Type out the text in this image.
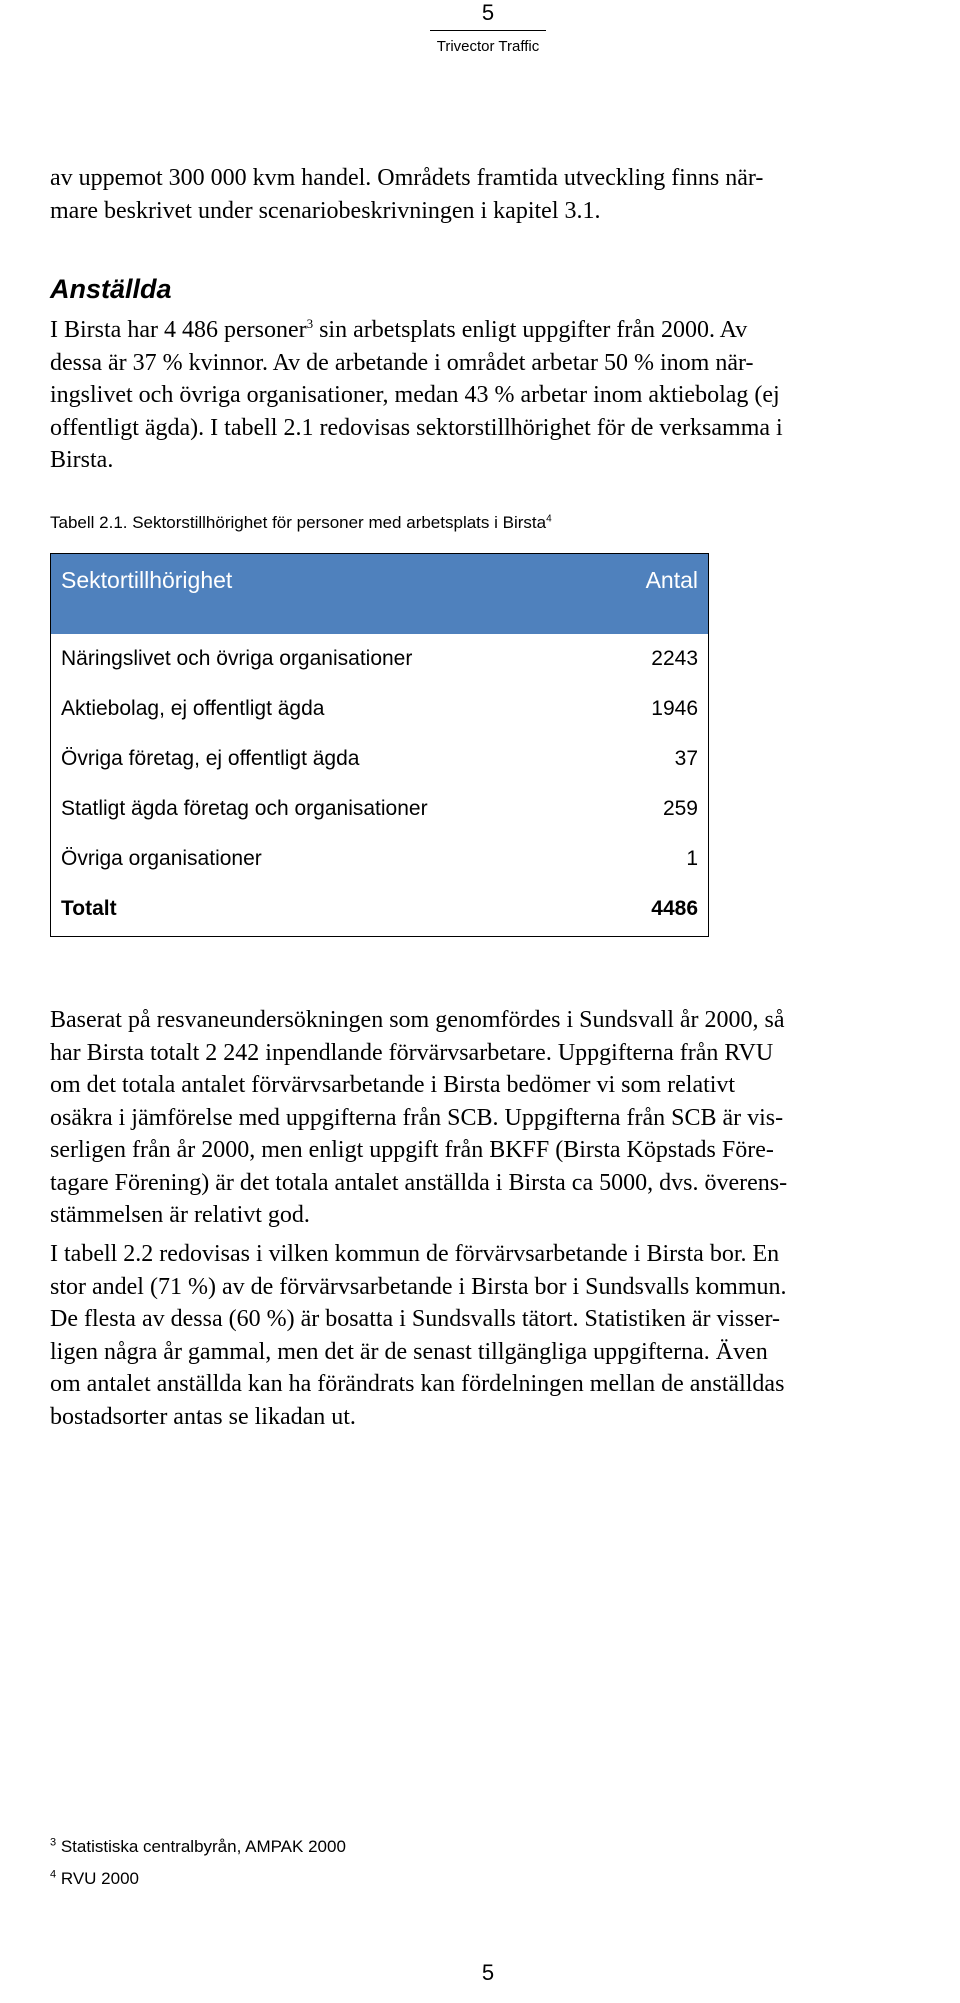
5
Trivector Traffic
av uppemot 300 000 kvm handel. Områdets framtida utveckling finns när-
mare beskrivet under scenariobeskrivningen i kapitel 3.1.
Anställda
I Birsta har 4 486 personer$^3$ sin arbetsplats enligt uppgifter från 2000. Av
dessa är 37 % kvinnor. Av de arbetande i området arbetar 50 % inom när-
ingslivet och övriga organisationer, medan 43 % arbetar inom aktiebolag (ej
offentligt ägda). I tabell 2.1 redovisas sektorstillhörighet för de verksamma i
Birsta.
Tabell 2.1. Sektorstillhörighet för personer med arbetsplats i Birsta$^4$
Sektortillhörighet	Antal
Näringslivet och övriga organisationer	2243
Aktiebolag, ej offentligt ägda	1946
Övriga företag, ej offentligt ägda	37
Statligt ägda företag och organisationer	259
Övriga organisationer	1
Totalt	4486
Baserat på resvaneundersökningen som genomfördes i Sundsvall år 2000, så
har Birsta totalt 2 242 inpendlande förvärvsarbetare. Uppgifterna från RVU
om det totala antalet förvärvsarbetande i Birsta bedömer vi som relativt
osäkra i jämförelse med uppgifterna från SCB. Uppgifterna från SCB är vis-
serligen från år 2000, men enligt uppgift från BKFF (Birsta Köpstads Före-
tagare Förening) är det totala antalet anställda i Birsta ca 5000, dvs. överens-
stämmelsen är relativt god.
I tabell 2.2 redovisas i vilken kommun de förvärvsarbetande i Birsta bor. En
stor andel (71 %) av de förvärvsarbetande i Birsta bor i Sundsvalls kommun.
De flesta av dessa (60 %) är bosatta i Sundsvalls tätort. Statistiken är visser-
ligen några år gammal, men det är de senast tillgängliga uppgifterna. Även
om antalet anställda kan ha förändrats kan fördelningen mellan de anställdas
bostadsorter antas se likadan ut.
$^3$ Statistiska centralbyrån, AMPAK 2000
$^4$ RVU 2000
5
